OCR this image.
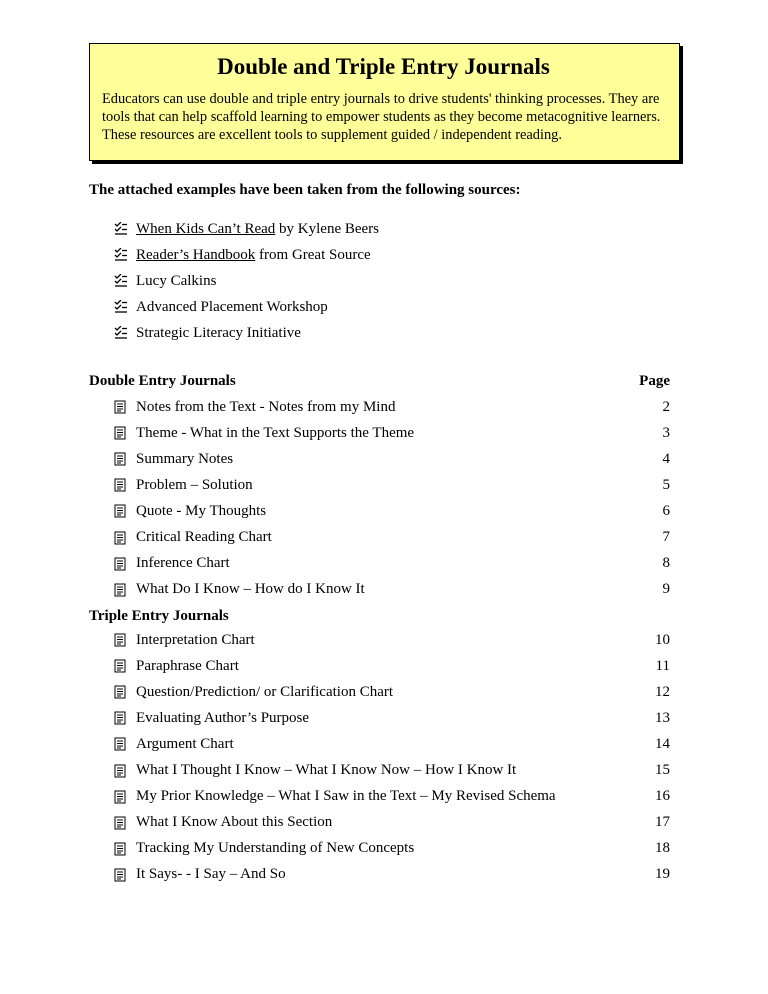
Double and Triple Entry Journals

Educators can use double and triple entry journals to drive students' thinking processes. They are tools that can help scaffold learning to empower students as they become metacognitive learners. These resources are excellent tools to supplement guided / independent reading.

The attached examples have been taken from the following sources:
When Kids Can’t Read by Kylene Beers
Reader’s Handbook from Great Source
Lucy Calkins
Advanced Placement Workshop
Strategic Literacy Initiative
Double Entry Journals	Page
Notes from the Text - Notes from my Mind	2
Theme - What in the Text Supports the Theme	3
Summary Notes	4
Problem – Solution	5
Quote - My Thoughts	6
Critical Reading Chart	7
Inference Chart	8
What Do I Know – How do I Know It	9
Triple Entry Journals
Interpretation Chart	10
Paraphrase Chart	11
Question/Prediction/ or Clarification Chart	12
Evaluating Author’s Purpose	13
Argument Chart	14
What I Thought I Know – What I Know Now – How I Know It	15
My Prior Knowledge – What I Saw in the Text – My Revised Schema	16
What I Know About this Section	17
Tracking My Understanding of New Concepts	18
It Says- - I Say – And So	19
